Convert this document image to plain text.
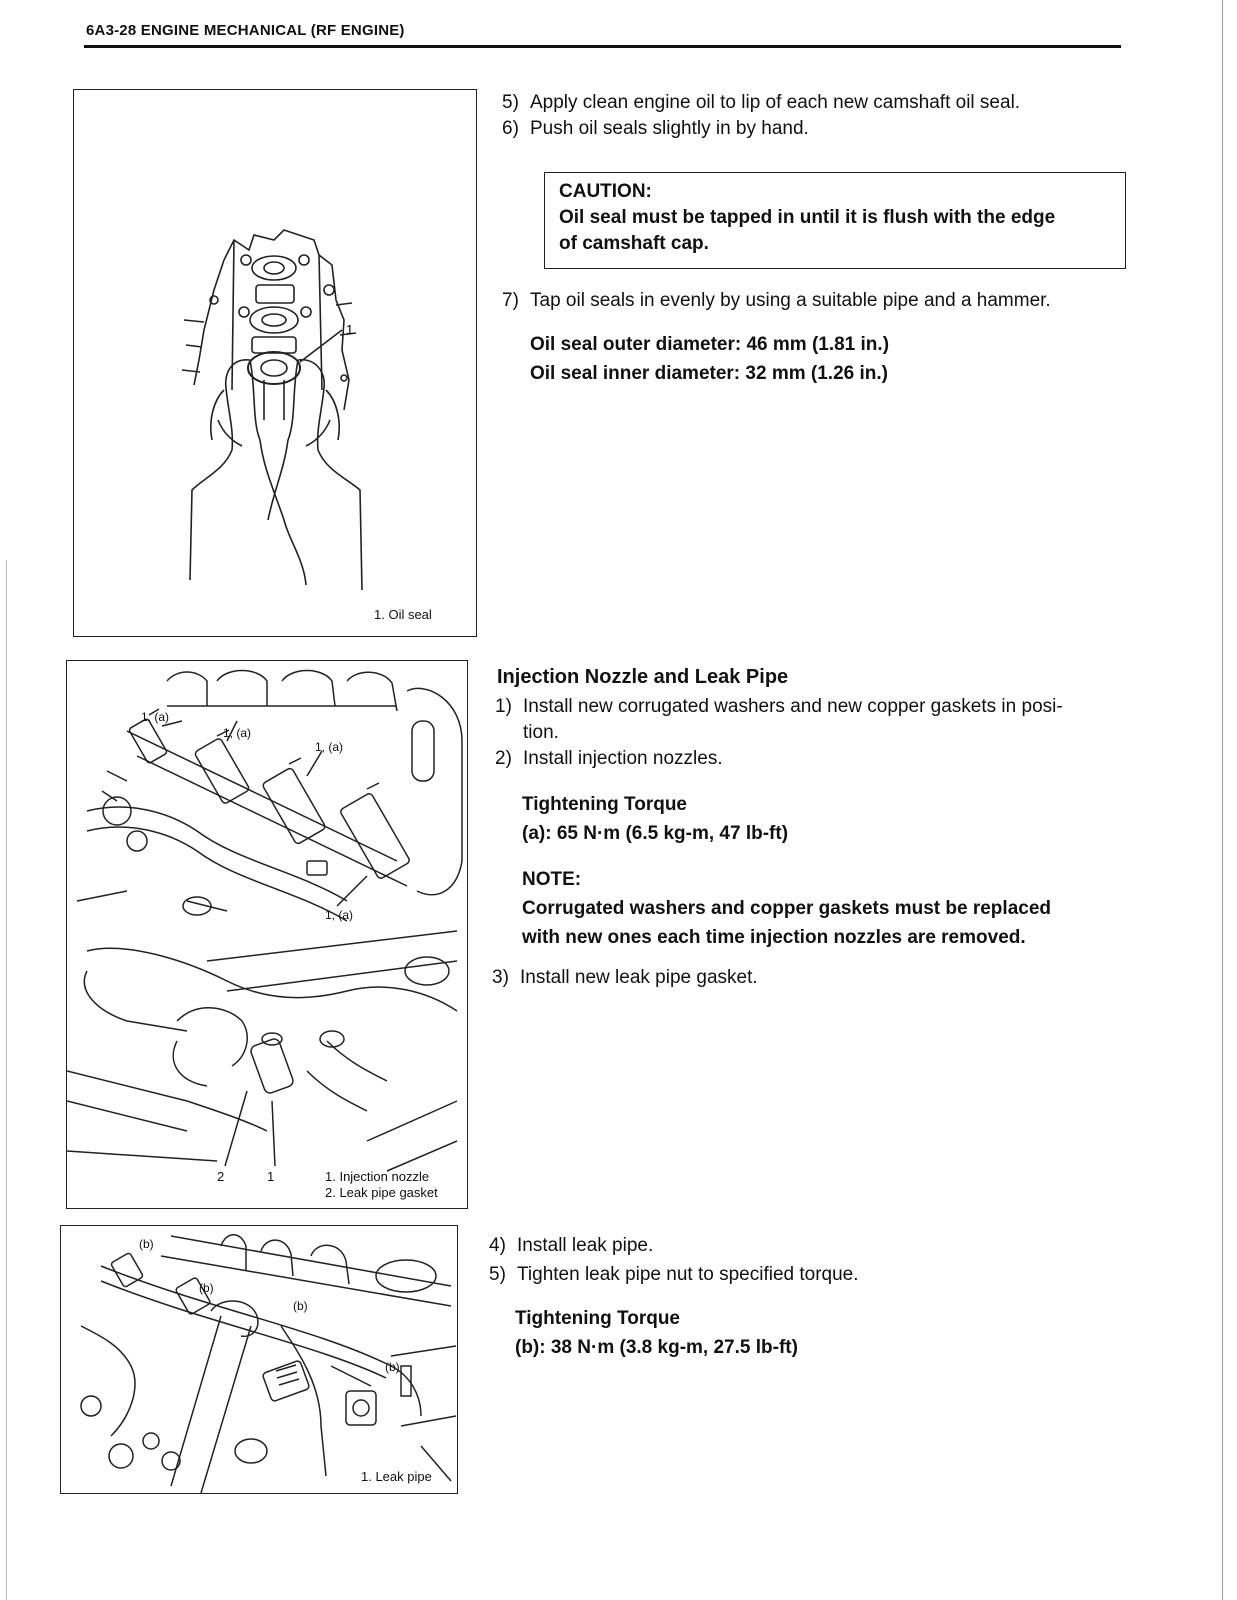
6A3-28 ENGINE MECHANICAL (RF ENGINE)
1
1. Oil seal
5) Apply clean engine oil to lip of each new camshaft oil seal.
6) Push oil seals slightly in by hand.
CAUTION:
Oil seal must be tapped in until it is flush with the edge
of camshaft cap.
7) Tap oil seals in evenly by using a suitable pipe and a hammer.
Oil seal outer diameter: 46 mm (1.81 in.)
Oil seal inner diameter: 32 mm (1.26 in.)
1, (a)
1, (a)
1, (a)
1, (a)
2	1	1. Injection nozzle
2. Leak pipe gasket
Injection Nozzle and Leak Pipe
1) Install new corrugated washers and new copper gaskets in posi-
tion.
2) Install injection nozzles.
Tightening Torque
(a): 65 N·m (6.5 kg-m, 47 lb-ft)
NOTE:
Corrugated washers and copper gaskets must be replaced
with new ones each time injection nozzles are removed.
3) Install new leak pipe gasket.
(b)
(b)
(b)
(b)
1. Leak pipe
4) Install leak pipe.
5) Tighten leak pipe nut to specified torque.
Tightening Torque
(b): 38 N·m (3.8 kg-m, 27.5 lb-ft)
